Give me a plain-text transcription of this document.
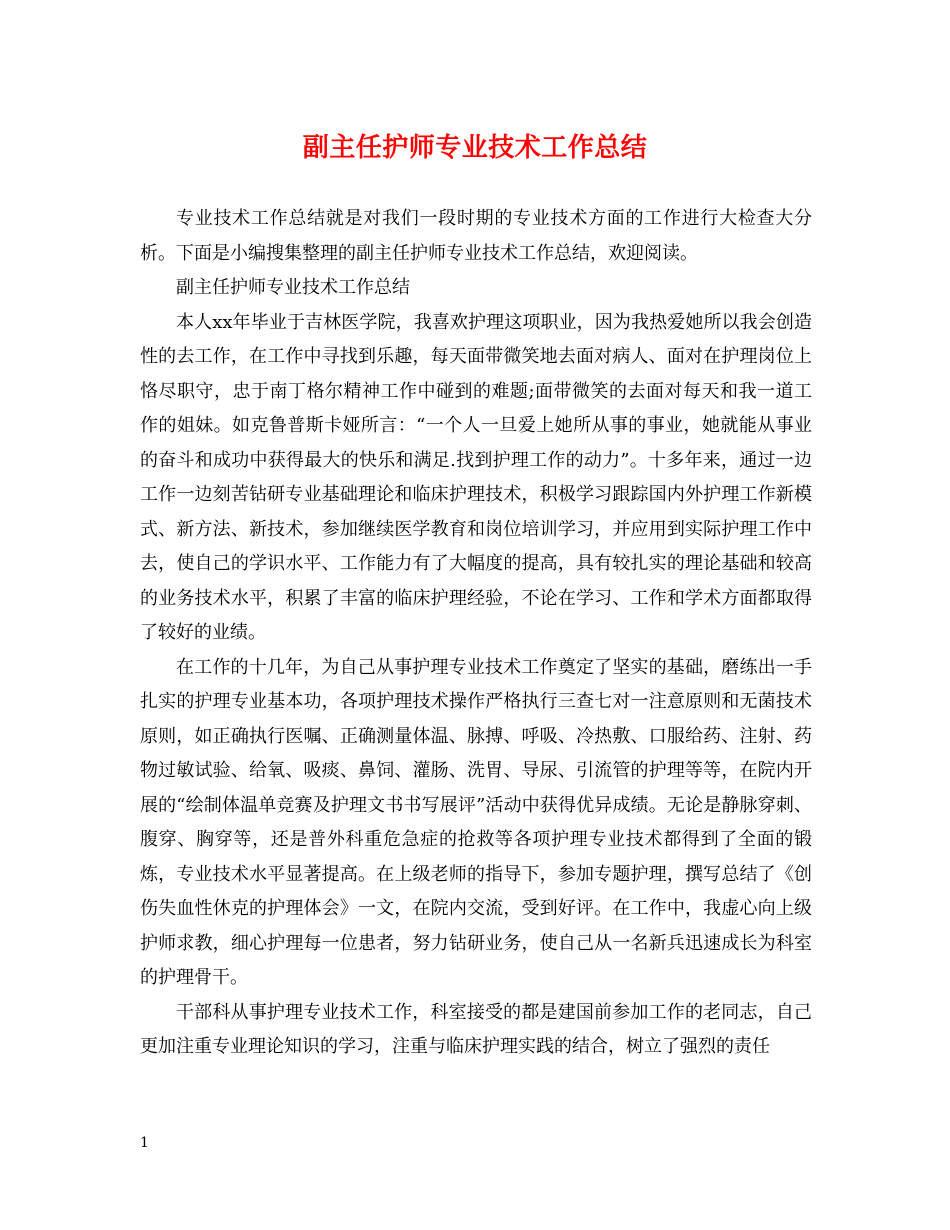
副主任护师专业技术工作总结

专业技术工作总结就是对我们一段时期的专业技术方面的工作进行大检查大分析。下面是小编搜集整理的副主任护师专业技术工作总结，欢迎阅读。

副主任护师专业技术工作总结

本人xx年毕业于吉林医学院，我喜欢护理这项职业，因为我热爱她所以我会创造性的去工作，在工作中寻找到乐趣，每天面带微笑地去面对病人、面对在护理岗位上恪尽职守，忠于南丁格尔精神工作中碰到的难题;面带微笑的去面对每天和我一道工作的姐妹。如克鲁普斯卡娅所言：“一个人一旦爱上她所从事的事业，她就能从事业的奋斗和成功中获得最大的快乐和满足.找到护理工作的动力”。十多年来，通过一边工作一边刻苦钻研专业基础理论和临床护理技术，积极学习跟踪国内外护理工作新模式、新方法、新技术，参加继续医学教育和岗位培训学习，并应用到实际护理工作中去，使自己的学识水平、工作能力有了大幅度的提高，具有较扎实的理论基础和较高的业务技术水平，积累了丰富的临床护理经验，不论在学习、工作和学术方面都取得了较好的业绩。

在工作的十几年，为自己从事护理专业技术工作奠定了坚实的基础，磨练出一手扎实的护理专业基本功，各项护理技术操作严格执行三查七对一注意原则和无菌技术原则，如正确执行医嘱、正确测量体温、脉搏、呼吸、冷热敷、口服给药、注射、药物过敏试验、给氧、吸痰、鼻饲、灌肠、洗胃、导尿、引流管的护理等等，在院内开展的“绘制体温单竞赛及护理文书书写展评”活动中获得优异成绩。无论是静脉穿刺、腹穿、胸穿等，还是普外科重危急症的抢救等各项护理专业技术都得到了全面的锻炼，专业技术水平显著提高。在上级老师的指导下，参加专题护理，撰写总结了《创伤失血性休克的护理体会》一文，在院内交流，受到好评。在工作中，我虚心向上级护师求教，细心护理每一位患者，努力钻研业务，使自己从一名新兵迅速成长为科室的护理骨干。

干部科从事护理专业技术工作，科室接受的都是建国前参加工作的老同志，自己更加注重专业理论知识的学习，注重与临床护理实践的结合，树立了强烈的责任

1
